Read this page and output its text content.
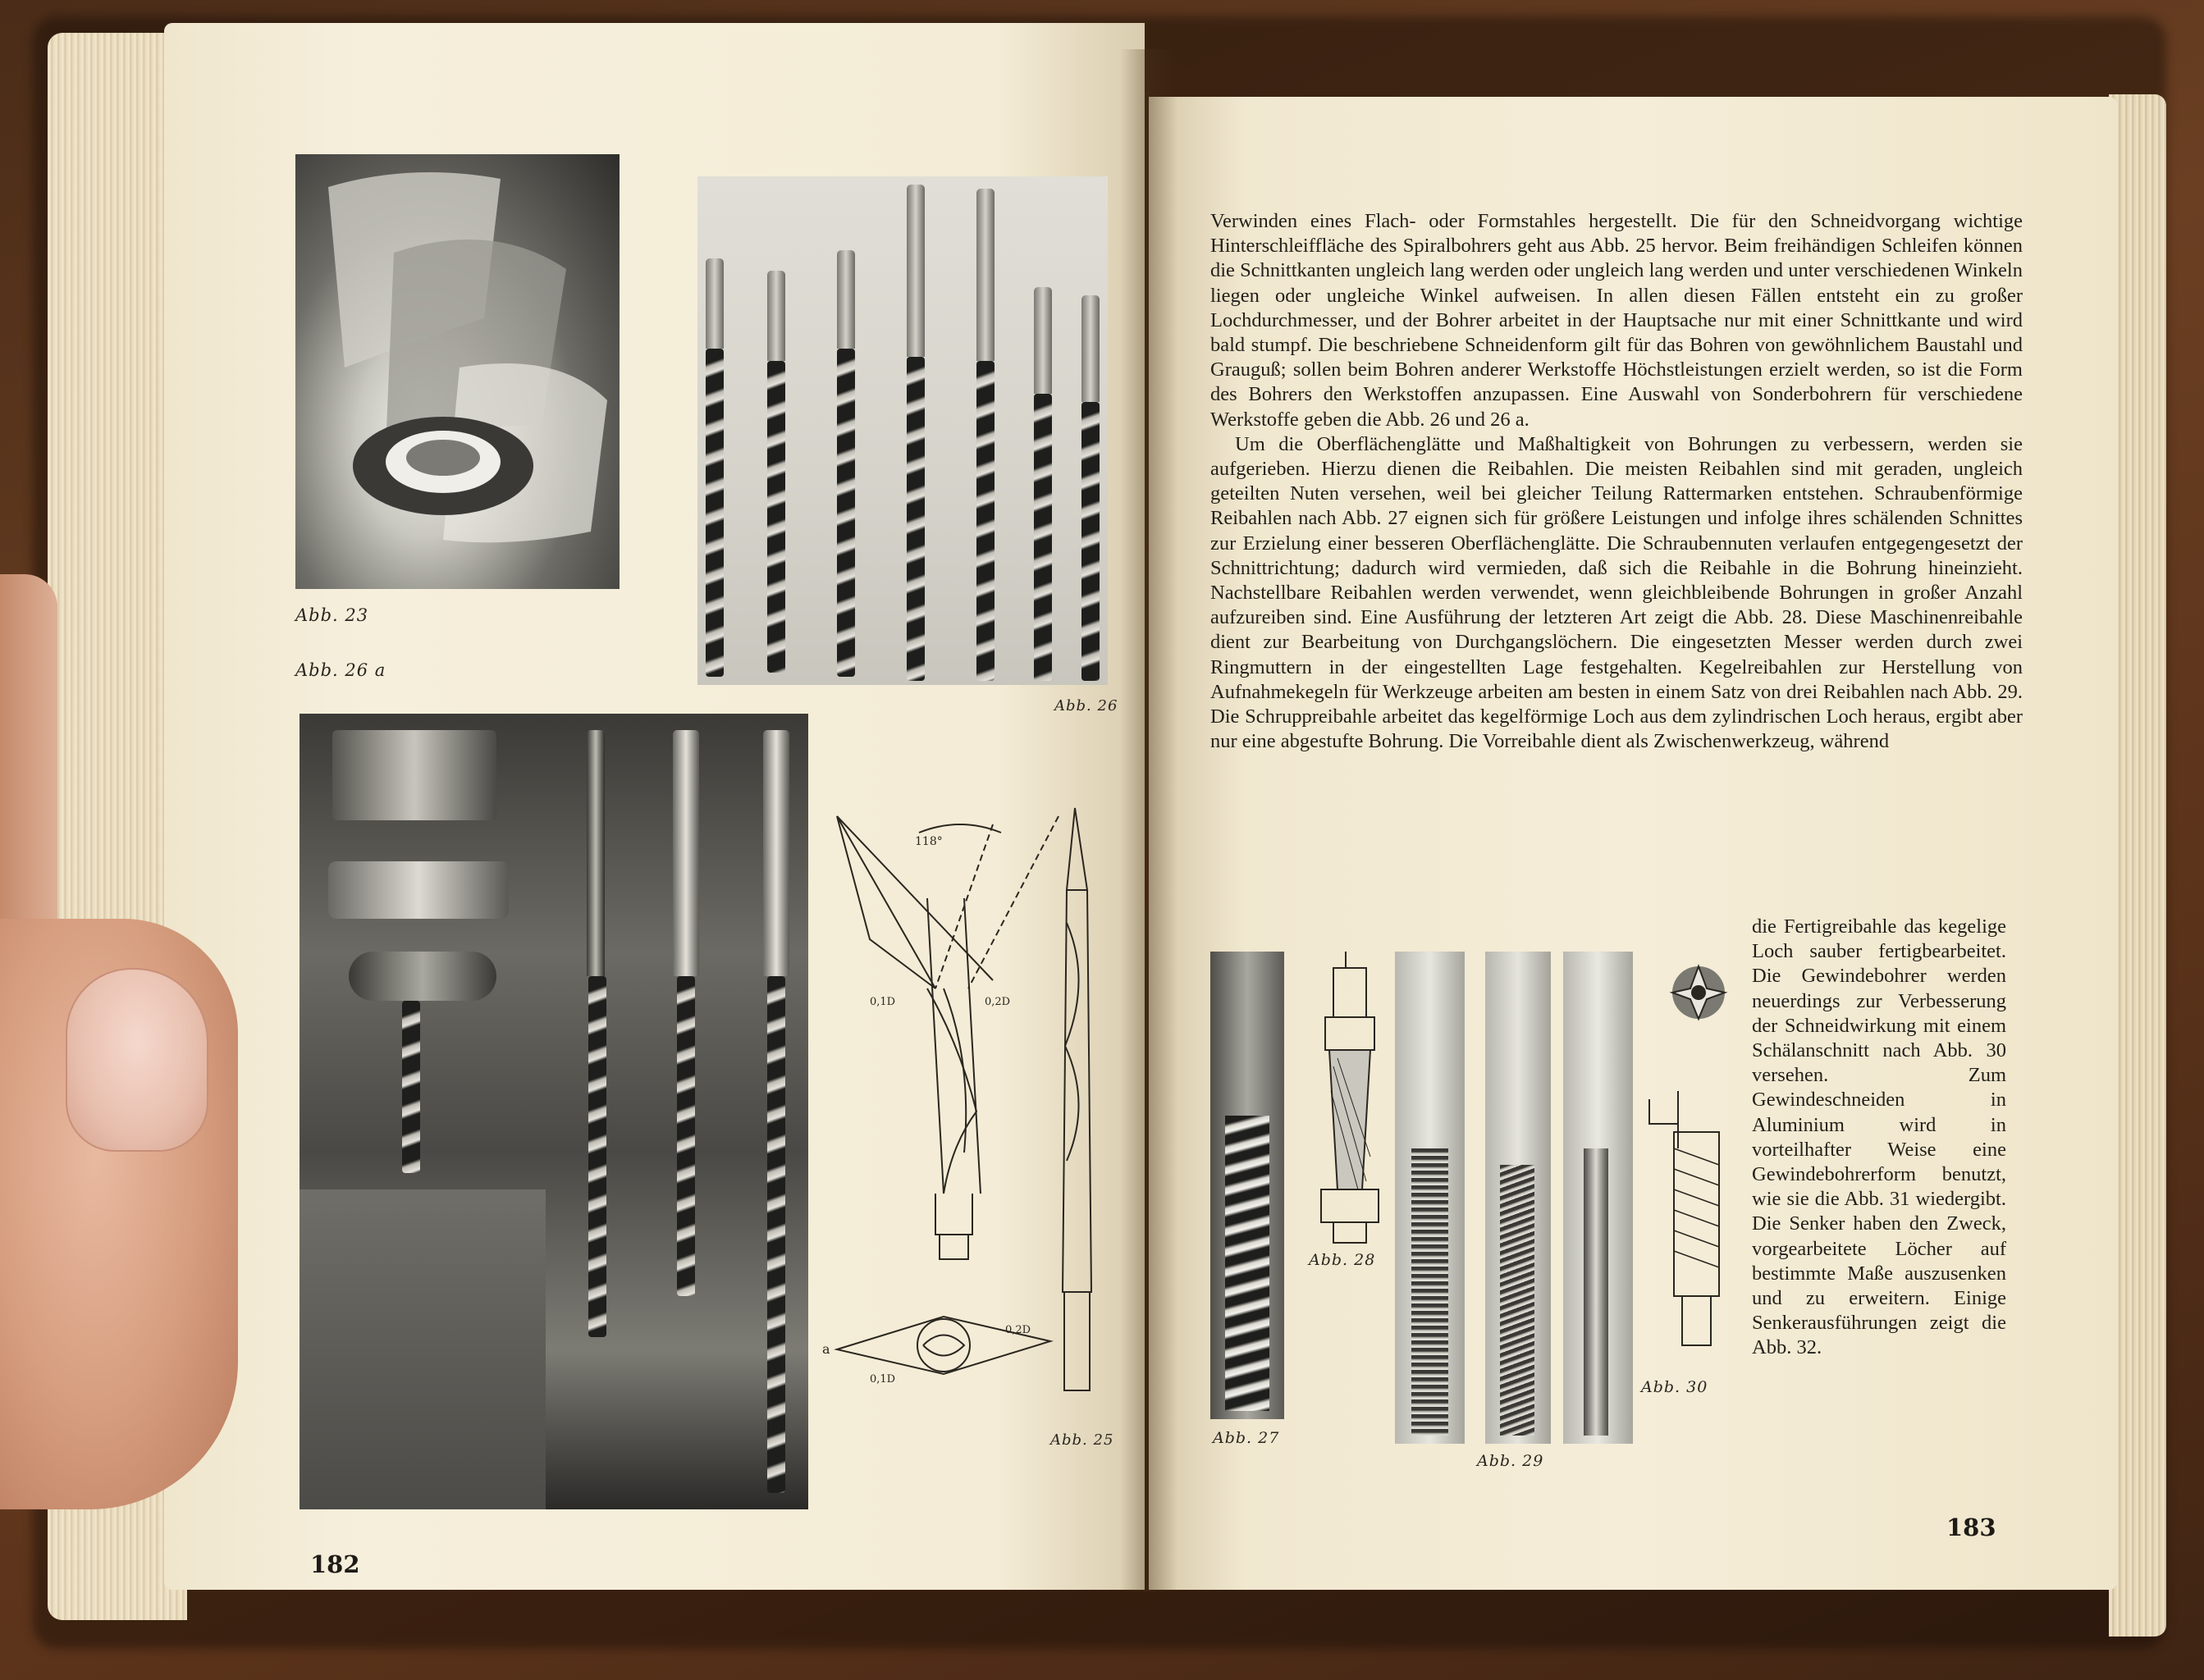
Abb. 23
Abb. 26 a
Abb. 26
118°
a
0,1D
0,2D
0,1D	0,2D
Abb. 25
182

Verwinden eines Flach- oder Formstahles hergestellt. Die für den Schneidvorgang wichtige Hinterschleiffläche des Spiralbohrers geht aus Abb. 25 hervor. Beim freihändigen Schleifen können die Schnittkanten ungleich lang werden oder ungleich lang werden und unter verschiedenen Winkeln liegen oder ungleiche Winkel aufweisen. In allen diesen Fällen entsteht ein zu großer Lochdurchmesser, und der Bohrer arbeitet in der Hauptsache nur mit einer Schnittkante und wird bald stumpf. Die beschriebene Schneidenform gilt für das Bohren von gewöhnlichem Baustahl und Grauguß; sollen beim Bohren anderer Werkstoffe Höchstleistungen erzielt werden, so ist die Form des Bohrers den Werkstoffen anzupassen. Eine Auswahl von Sonderbohrern für verschiedene Werkstoffe geben die Abb. 26 und 26 a.

Um die Oberflächenglätte und Maßhaltigkeit von Bohrungen zu verbessern, werden sie aufgerieben. Hierzu dienen die Reibahlen. Die meisten Reibahlen sind mit geraden, ungleich geteilten Nuten versehen, weil bei gleicher Teilung Rattermarken entstehen. Schraubenförmige Reibahlen nach Abb. 27 eignen sich für größere Leistungen und infolge ihres schälenden Schnittes zur Erzielung einer besseren Oberflächenglätte. Die Schraubennuten verlaufen entgegengesetzt der Schnittrichtung; dadurch wird vermieden, daß sich die Reibahle in die Bohrung hineinzieht. Nachstellbare Reibahlen werden verwendet, wenn gleichbleibende Bohrungen in großer Anzahl aufzureiben sind. Eine Ausführung der letzteren Art zeigt die Abb. 28. Diese Maschinenreibahle dient zur Bearbeitung von Durchgangslöchern. Die eingesetzten Messer werden durch zwei Ringmuttern in der eingestellten Lage festgehalten. Kegelreibahlen zur Herstellung von Aufnahmekegeln für Werkzeuge arbeiten am besten in einem Satz von drei Reibahlen nach Abb. 29. Die Schruppreibahle arbeitet das kegelförmige Loch aus dem zylindrischen Loch heraus, ergibt aber nur eine abgestufte Bohrung. Die Vorreibahle dient als Zwischenwerkzeug, während

die Fertigreibahle das kegelige Loch sauber fertigbearbeitet. Die Gewindebohrer werden neuerdings zur Verbesserung der Schneidwirkung mit einem Schälanschnitt nach Abb. 30 versehen. Zum Gewindeschneiden in Aluminium wird in vorteilhafter Weise eine Gewindebohrerform benutzt, wie sie die Abb. 31 wiedergibt. Die Senker haben den Zweck, vorgearbeitete Löcher auf bestimmte Maße auszusenken und zu erweitern. Einige Senkerausführungen zeigt die Abb. 32.

Abb. 27
Abb. 28
Abb. 29
Abb. 30
183
